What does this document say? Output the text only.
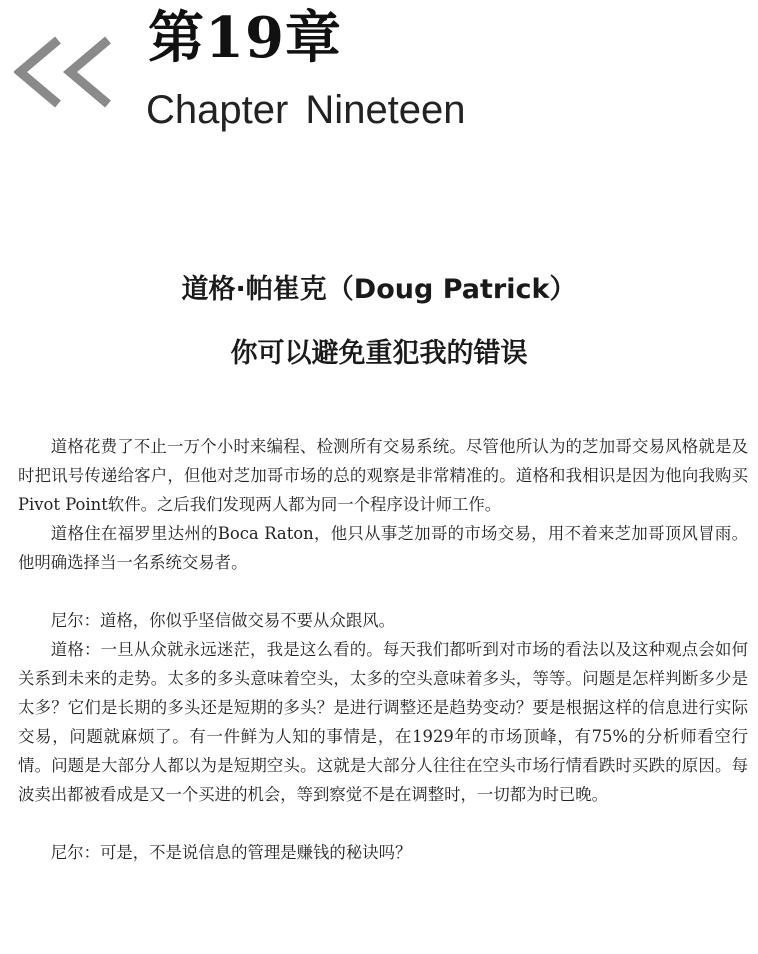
第19章
Chapter Nineteen
道格·帕崔克（Doug Patrick）
你可以避免重犯我的错误

道格花费了不止一万个小时来编程、检测所有交易系统。尽管他所认为的芝加哥交易风格就是及时把讯号传递给客户，但他对芝加哥市场的总的观察是非常精准的。道格和我相识是因为他向我购买Pivot Point软件。之后我们发现两人都为同一个程序设计师工作。

道格住在福罗里达州的Boca Raton，他只从事芝加哥的市场交易，用不着来芝加哥顶风冒雨。他明确选择当一名系统交易者。

尼尔：道格，你似乎坚信做交易不要从众跟风。

道格：一旦从众就永远迷茫，我是这么看的。每天我们都听到对市场的看法以及这种观点会如何关系到未来的走势。太多的多头意味着空头，太多的空头意味着多头，等等。问题是怎样判断多少是太多？它们是长期的多头还是短期的多头？是进行调整还是趋势变动？要是根据这样的信息进行实际交易，问题就麻烦了。有一件鲜为人知的事情是，在1929年的市场顶峰，有75%的分析师看空行情。问题是大部分人都以为是短期空头。这就是大部分人往往在空头市场行情看跌时买跌的原因。每波卖出都被看成是又一个买进的机会，等到察觉不是在调整时，一切都为时已晚。

尼尔：可是，不是说信息的管理是赚钱的秘诀吗？
